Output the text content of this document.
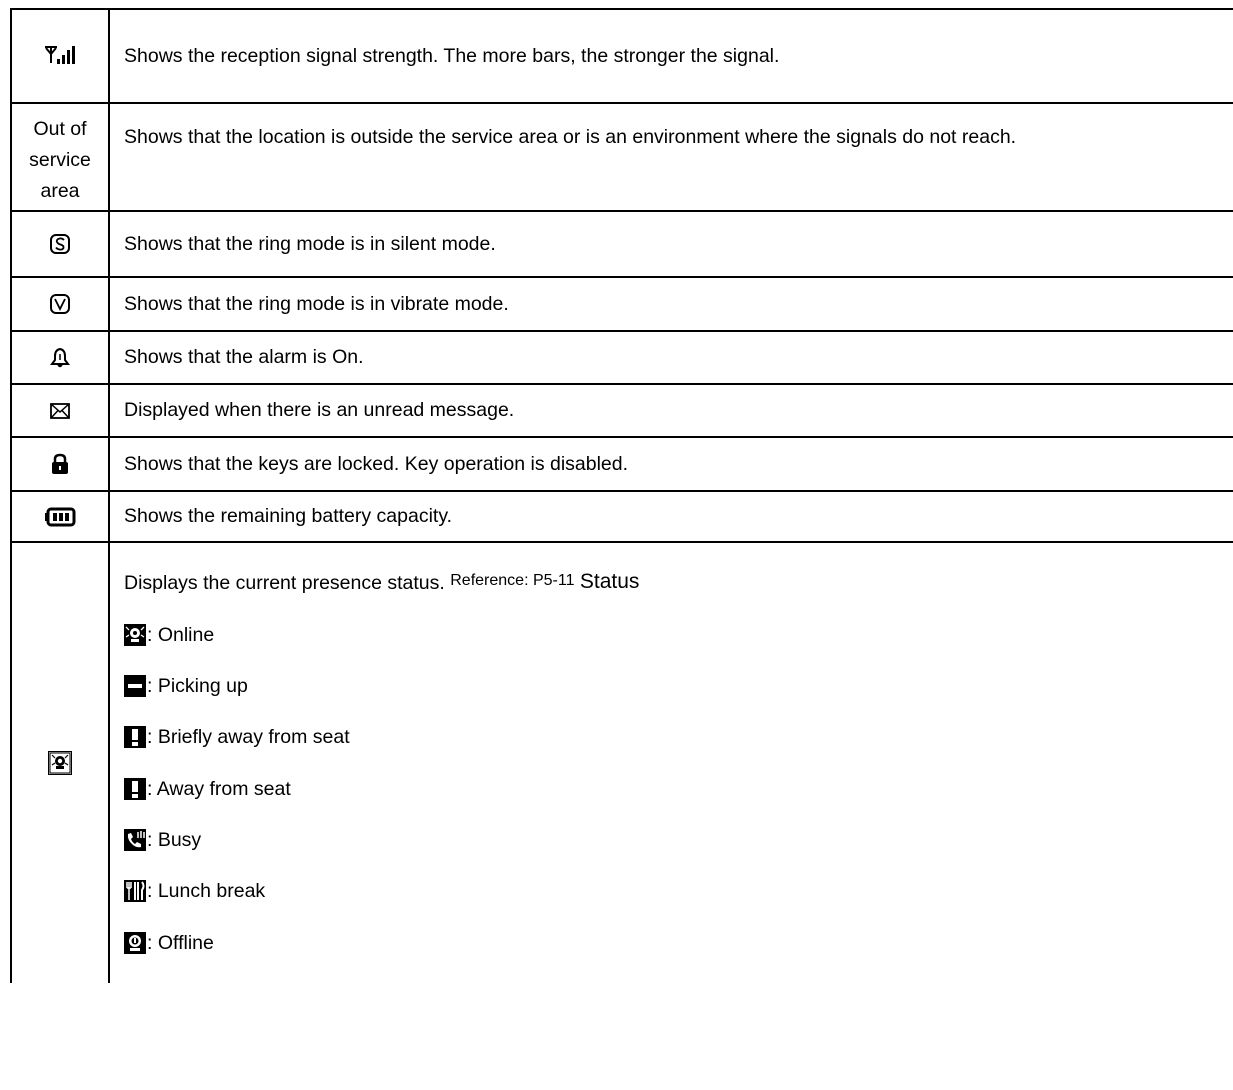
Shows the reception signal strength. The more bars, the stronger the signal.
Out of
service
area
Shows that the location is outside the service area or is an environment where the signals do not reach.
Shows that the ring mode is in silent mode.
Shows that the ring mode is in vibrate mode.
Shows that the alarm is On.
Displayed when there is an unread message.
Shows that the keys are locked. Key operation is disabled.
Shows the remaining battery capacity.
Displays the current presence status.
Reference: P5-11
Status
: Online
: Picking up
: Briefly away from seat
: Away from seat
: Busy
: Lunch break
: Offline
